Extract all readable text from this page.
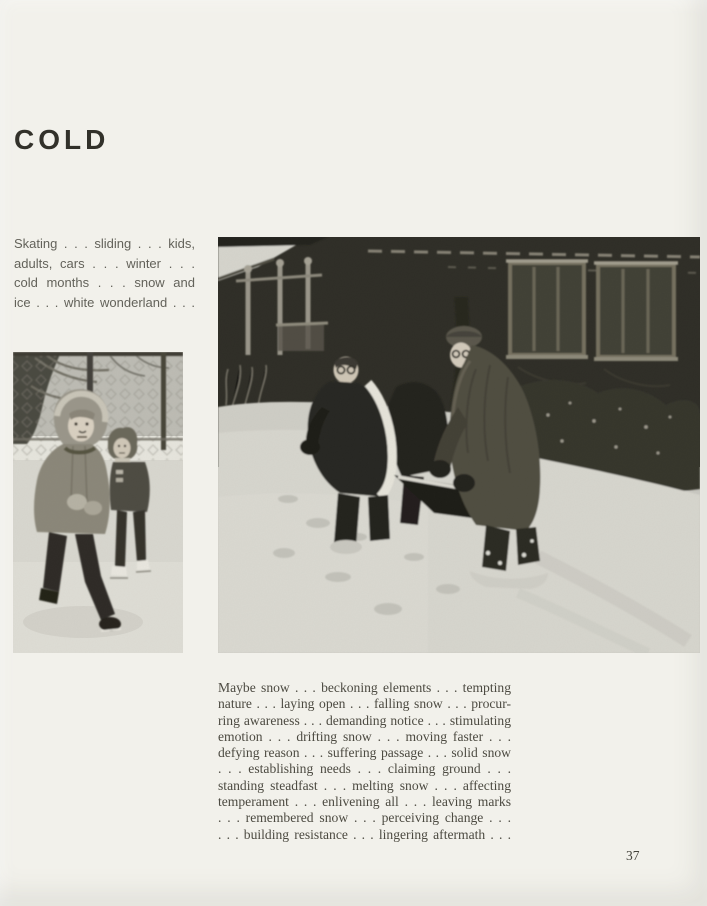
COLD
Skating . . . sliding . . . kids,
adults, cars . . . winter . . .
cold months . . . snow and
ice . . . white wonderland . . .
Maybe snow . . . beckoning elements . . . tempting
nature . . . laying open . . . falling snow . . . procur-
ring awareness . . . demanding notice . . . stimulating
emotion . . . drifting snow . . . moving faster . . .
defying reason . . . suffering passage . . . solid snow
. . . establishing needs . . . claiming ground . . .
standing steadfast . . . melting snow . . . affecting
temperament . . . enlivening all . . . leaving marks
. . . remembered snow . . . perceiving change . . .
. . . building resistance . . . lingering aftermath . . .
37
